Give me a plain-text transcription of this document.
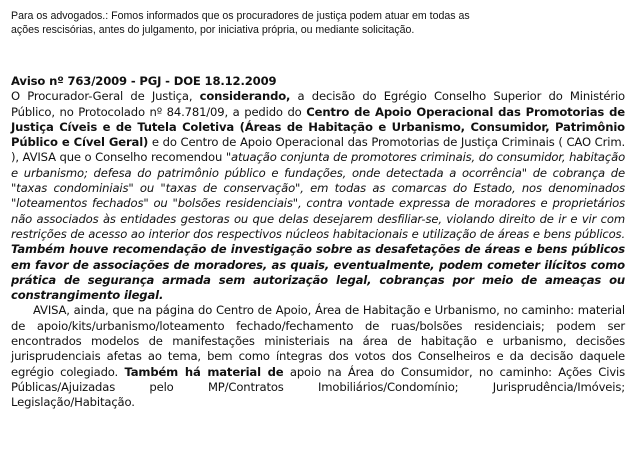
Para os advogados.: Fomos informados que os procuradores de justiça podem atuar em todas as

ações rescisórias, antes do julgamento, por iniciativa própria, ou mediante solicitação.

Aviso nº 763/2009 - PGJ - DOE 18.12.2009

O Procurador-Geral de Justiça, considerando, a decisão do Egrégio Conselho Superior do Ministério Público, no Protocolado nº 84.781/09, a pedido do Centro de Apoio Operacional das Promotorias de Justiça Cíveis e de Tutela Coletiva (Áreas de Habitação e Urbanismo, Consumidor, Patrimônio Público e Cível Geral) e do Centro de Apoio Operacional das Promotorias de Justiça Criminais ( CAO Crim. ), AVISA que o Conselho recomendou "atuação conjunta de promotores criminais, do consumidor, habitação e urbanismo; defesa do patrimônio público e fundações, onde detectada a ocorrência" de cobrança de "taxas condominiais" ou "taxas de conservação", em todas as comarcas do Estado, nos denominados "loteamentos fechados" ou "bolsões residenciais", contra vontade expressa de moradores e proprietários não associados às entidades gestoras ou que delas desejarem desfiliar-se, violando direito de ir e vir com restrições de acesso ao interior dos respectivos núcleos habitacionais e utilização de áreas e bens públicos. Também houve recomendação de investigação sobre as desafetações de áreas e bens públicos em favor de associações de moradores, as quais, eventualmente, podem cometer ilícitos como prática de segurança armada sem autorização legal, cobranças por meio de ameaças ou constrangimento ilegal.

AVISA, ainda, que na página do Centro de Apoio, Área de Habitação e Urbanismo, no caminho: material de apoio/kits/urbanismo/loteamento fechado/fechamento de ruas/bolsões residenciais; podem ser encontrados modelos de manifestações ministeriais na área de habitação e urbanismo, decisões jurisprudenciais afetas ao tema, bem como íntegras dos votos dos Conselheiros e da decisão daquele egrégio colegiado. Também há material de apoio na Área do Consumidor, no caminho: Ações Civis Públicas/Ajuizadas pelo MP/Contratos Imobiliários/Condomínio; Jurisprudência/Imóveis; Legislação/Habitação.
